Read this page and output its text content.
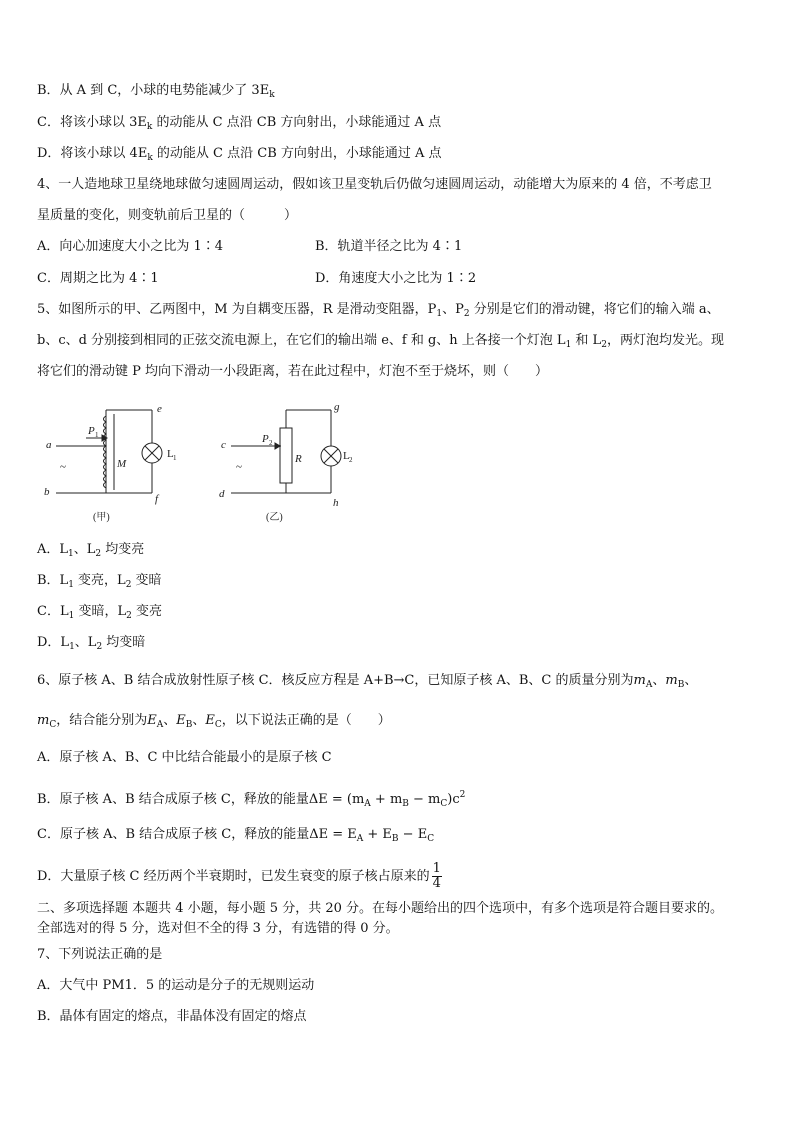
B．从 A 到 C，小球的电势能减少了 $3E_k$
C．将该小球以 $3E_k$ 的动能从 C 点沿 CB 方向射出，小球能通过 A 点
D．将该小球以 $4E_k$ 的动能从 C 点沿 CB 方向射出，小球能通过 A 点
4、一人造地球卫星绕地球做匀速圆周运动，假如该卫星变轨后仍做匀速圆周运动，动能增大为原来的 4 倍，不考虑卫
星质量的变化，则变轨前后卫星的（　　　）
A．向心加速度大小之比为 1∶4	B．轨道半径之比为 4∶1
C．周期之比为 4∶1	D．角速度大小之比为 1∶2
5、如图所示的甲、乙两图中，M 为自耦变压器，R 是滑动变阻器，$P_1$、$P_2$ 分别是它们的滑动键，将它们的输入端 a、
b、c、d 分别接到相同的正弦交流电源上，在它们的输出端 e、f 和 g、h 上各接一个灯泡 $L_1$ 和 $L_2$，两灯泡均发光。现
将它们的滑动键 P 均向下滑动一小段距离，若在此过程中，灯泡不至于烧坏，则（　　）
a
b
e
f
P 1
M
L 1
~
(甲)
c
d
g
h
P 2
R	L 2
~
(乙)
A．$L_1$、$L_2$ 均变亮
B．$L_1$ 变亮，$L_2$ 变暗
C．$L_1$ 变暗，$L_2$ 变亮
D．$L_1$、$L_2$ 均变暗
6、原子核 A、B 结合成放射性原子核 C．核反应方程是 A+B→C，已知原子核 A、B、C 的质量分别为$m_A$、$m_B$、
$m_C$，结合能分别为$E_A$、$E_B$、$E_C$，以下说法正确的是（　　）
A．原子核 A、B、C 中比结合能最小的是原子核 C
B．原子核 A、B 结合成原子核 C，释放的能量$\Delta E = (m_A + m_B - m_C)c^2$
C．原子核 A、B 结合成原子核 C，释放的能量$\Delta E = E_A + E_B - E_C$
D．大量原子核 C 经历两个半衰期时，已发生衰变的原子核占原来的 $\frac{1}{4}$
二、多项选择题 本题共 4 小题，每小题 5 分，共 20 分。在每小题给出的四个选项中，有多个选项是符合题目要求的。
全部选对的得 5 分，选对但不全的得 3 分，有选错的得 0 分。
7、下列说法正确的是
A．大气中 PM1．5 的运动是分子的无规则运动
B．晶体有固定的熔点，非晶体没有固定的熔点
